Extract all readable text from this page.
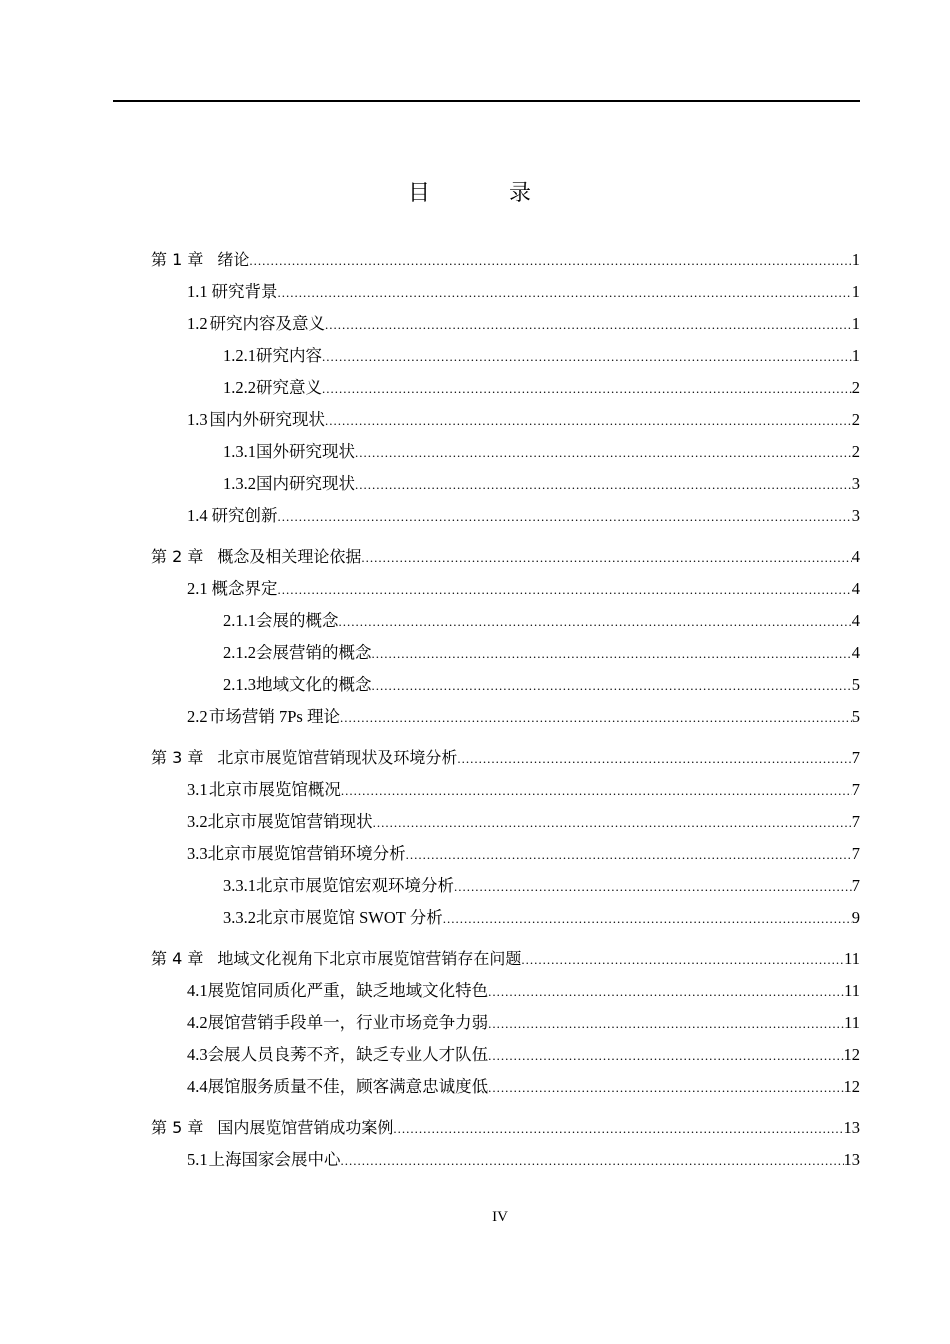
目 录
第 1 章 绪论 .....	1
1.1 研究背景 .....	1
1.2 研究内容及意义 .....	1
1.2.1 研究内容 .....	1
1.2.2 研究意义 .....	2
1.3 国内外研究现状 .....	2
1.3.1 国外研究现状 .....	2
1.3.2 国内研究现状 .....	3
1.4 研究创新 .....	3
第 2 章 概念及相关理论依据 .....	4
2.1 概念界定 .....	4
2.1.1 会展的概念 .....	4
2.1.2 会展营销的概念 .....	4
2.1.3 地域文化的概念 .....	5
2.2 市场营销 7Ps 理论 .....	5
第 3 章 北京市展览馆营销现状及环境分析 .....	7
3.1 北京市展览馆概况 .....	7
3.2 北京市展览馆营销现状 .....	7
3.3 北京市展览馆营销环境分析 .....	7
3.3.1 北京市展览馆宏观环境分析 .....	7
3.3.2 北京市展览馆 SWOT 分析 .....	9
第 4 章 地域文化视角下北京市展览馆营销存在问题 .....	11
4.1 展览馆同质化严重，缺乏地域文化特色 .....	11
4.2 展馆营销手段单一，行业市场竞争力弱 .....	11
4.3 会展人员良莠不齐，缺乏专业人才队伍 .....	12
4.4 展馆服务质量不佳，顾客满意忠诚度低 .....	12
第 5 章 国内展览馆营销成功案例 .....	13
5.1 上海国家会展中心 .....	13
IV
